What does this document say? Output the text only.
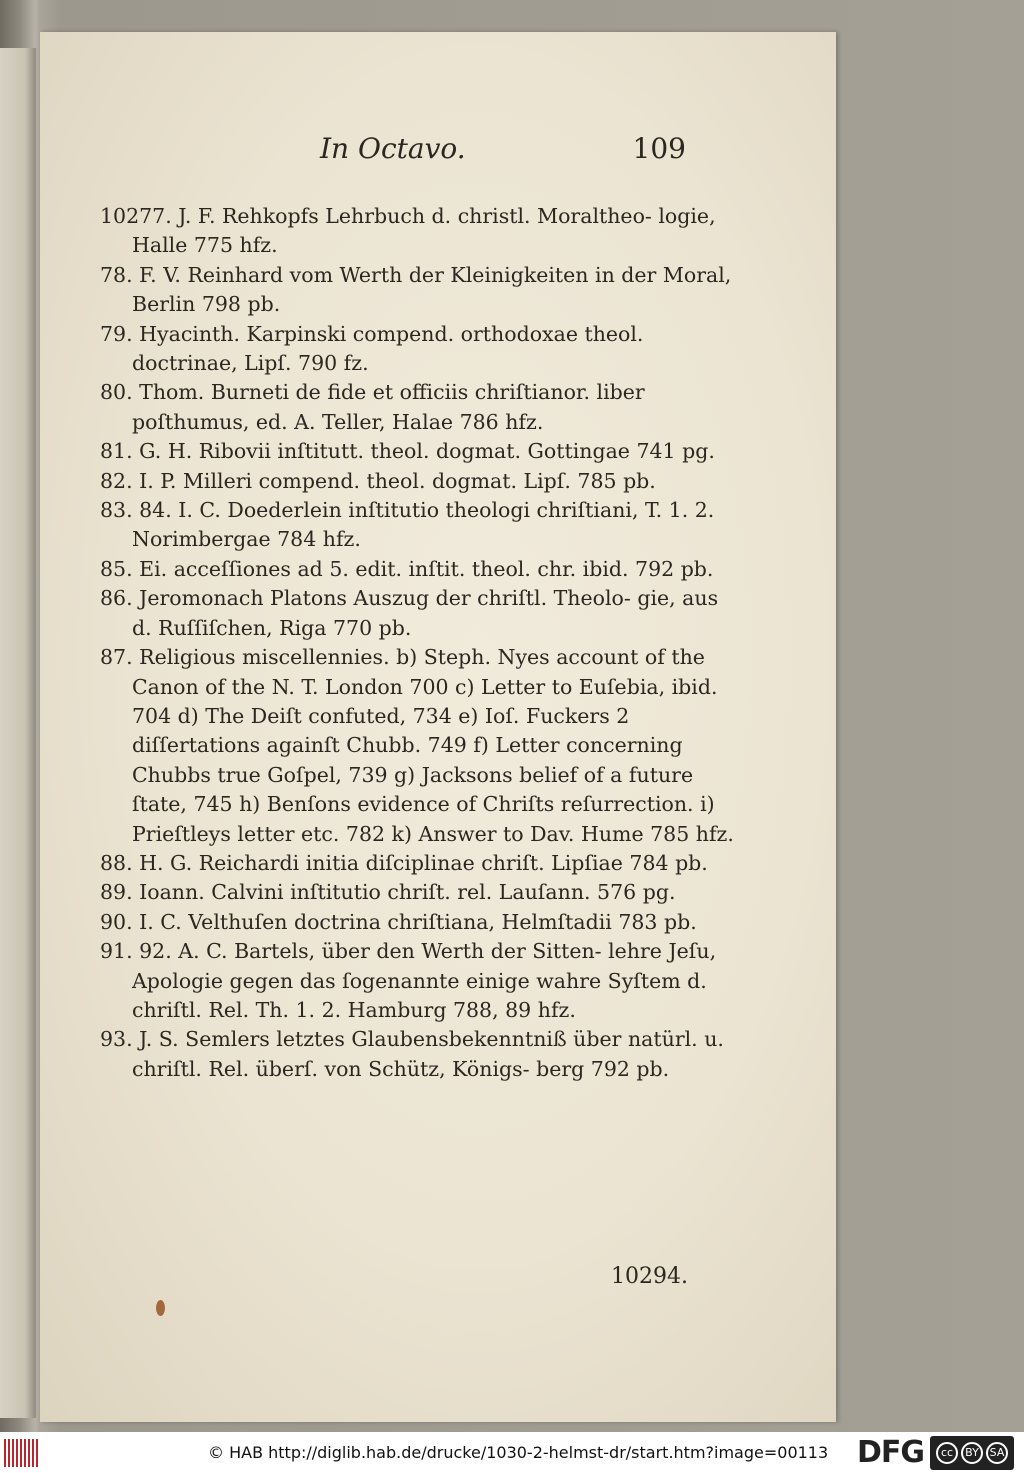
In Octavo.	109
10277. J. F. Rehkopfs Lehrbuch d. christl. Moraltheo- logie, Halle 775 hfz.
78. F. V. Reinhard vom Werth der Kleinigkeiten in der Moral, Berlin 798 pb.
79. Hyacinth. Karpinski compend. orthodoxae theol. doctrinae, Lipſ. 790 fz.
80. Thom. Burneti de fide et officiis chriſtianor. liber poſthumus, ed. A. Teller, Halae 786 hfz.
81. G. H. Ribovii inſtitutt. theol. dogmat. Gottingae 741 pg.
82. I. P. Milleri compend. theol. dogmat. Lipſ. 785 pb.
83. 84. I. C. Doederlein inſtitutio theologi chriſtiani, T. 1. 2. Norimbergae 784 hfz.
85. Ei. acceſſiones ad 5. edit. inſtit. theol. chr. ibid. 792 pb.
86. Jeromonach Platons Auszug der chriſtl. Theolo- gie, aus d. Ruſſiſchen, Riga 770 pb.
87. Religious miscellennies. b) Steph. Nyes account of the Canon of the N. T. London 700 c) Letter to Euſebia, ibid. 704 d) The Deiſt confuted, 734 e) Ioſ. Fuckers 2 diſſertations againſt Chubb. 749 f) Letter concerning Chubbs true Goſpel, 739 g) Jacksons belief of a future ſtate, 745 h) Benſons evidence of Chriſts reſurrection. i) Prieſtleys letter etc. 782 k) Answer to Dav. Hume 785 hfz.
88. H. G. Reichardi initia diſciplinae chriſt. Lipſiae 784 pb.
89. Ioann. Calvini inſtitutio chriſt. rel. Lauſann. 576 pg.
90. I. C. Velthuſen doctrina chriſtiana, Helmſtadii 783 pb.
91. 92. A. C. Bartels, über den Werth der Sitten- lehre Jeſu, Apologie gegen das ſogenannte einige wahre Syſtem d. chriſtl. Rel. Th. 1. 2. Hamburg 788, 89 hfz.
93. J. S. Semlers letztes Glaubensbekenntniß über natürl. u. chriſtl. Rel. überſ. von Schütz, Königs- berg 792 pb.
10294.
© HAB http://diglib.hab.de/drucke/1030-2-helmst-dr/start.htm?image=00113 DFG	cc	BY SA
